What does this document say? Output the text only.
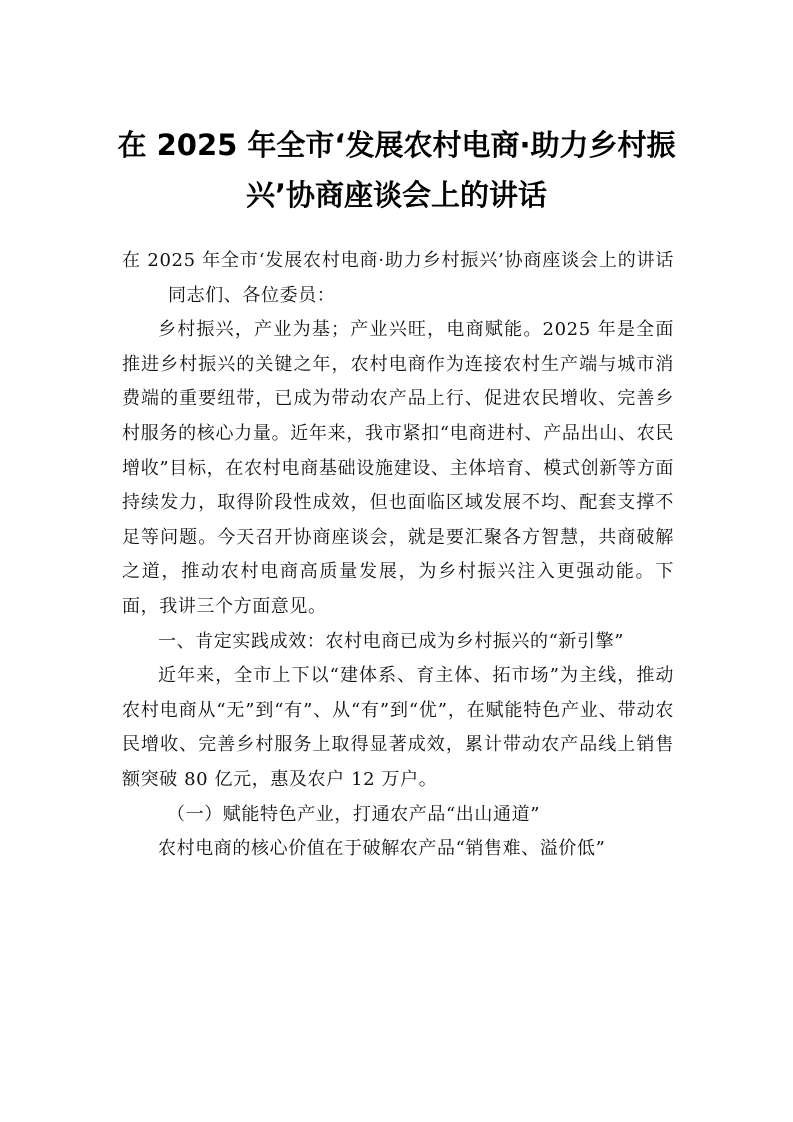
在 2025 年全市‘发展农村电商·助力乡村振兴’协商座谈会上的讲话

在 2025 年全市‘发展农村电商·助力乡村振兴’协商座谈会上的讲话同志们、各位委员：

乡村振兴，产业为基；产业兴旺，电商赋能。2025 年是全面推进乡村振兴的关键之年，农村电商作为连接农村生产端与城市消费端的重要纽带，已成为带动农产品上行、促进农民增收、完善乡村服务的核心力量。近年来，我市紧扣“电商进村、产品出山、农民增收”目标，在农村电商基础设施建设、主体培育、模式创新等方面持续发力，取得阶段性成效，但也面临区域发展不均、配套支撑不足等问题。今天召开协商座谈会，就是要汇聚各方智慧，共商破解之道，推动农村电商高质量发展，为乡村振兴注入更强动能。下面，我讲三个方面意见。

一、肯定实践成效：农村电商已成为乡村振兴的“新引擎”

近年来，全市上下以“建体系、育主体、拓市场”为主线，推动农村电商从“无”到“有”、从“有”到“优”，在赋能特色产业、带动农民增收、完善乡村服务上取得显著成效，累计带动农产品线上销售额突破 80 亿元，惠及农户 12 万户。

（一）赋能特色产业，打通农产品“出山通道”

农村电商的核心价值在于破解农产品“销售难、溢价低”
